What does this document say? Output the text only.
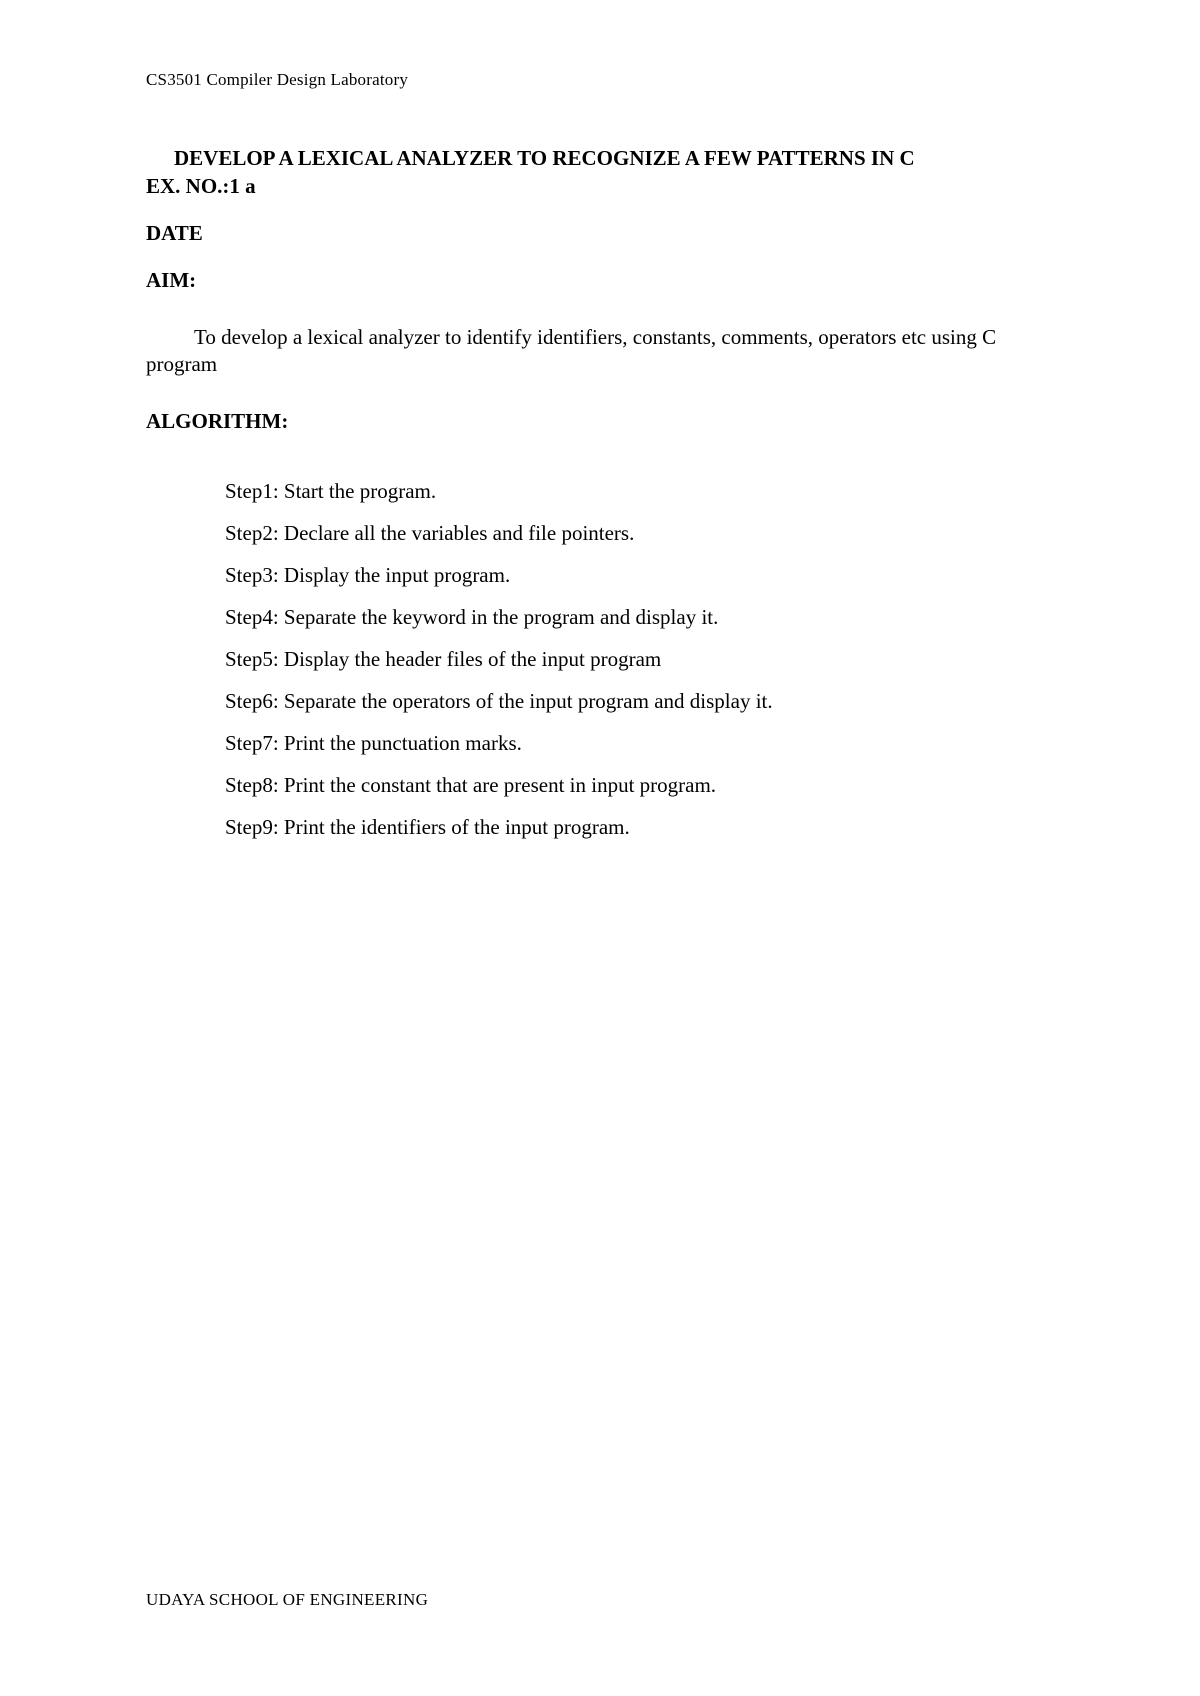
CS3501 Compiler Design Laboratory
DEVELOP A LEXICAL ANALYZER TO RECOGNIZE A FEW PATTERNS IN C
EX. NO.:1 a
DATE
AIM:
To develop a lexical analyzer to identify identifiers, constants, comments, operators etc using C program
ALGORITHM:
Step1: Start the program.
Step2: Declare all the variables and file pointers.
Step3: Display the input program.
Step4: Separate the keyword in the program and display it.
Step5: Display the header files of the input program
Step6: Separate the operators of the input program and display it.
Step7: Print the punctuation marks.
Step8: Print the constant that are present in input program.
Step9: Print the identifiers of the input program.
UDAYA SCHOOL OF ENGINEERING
